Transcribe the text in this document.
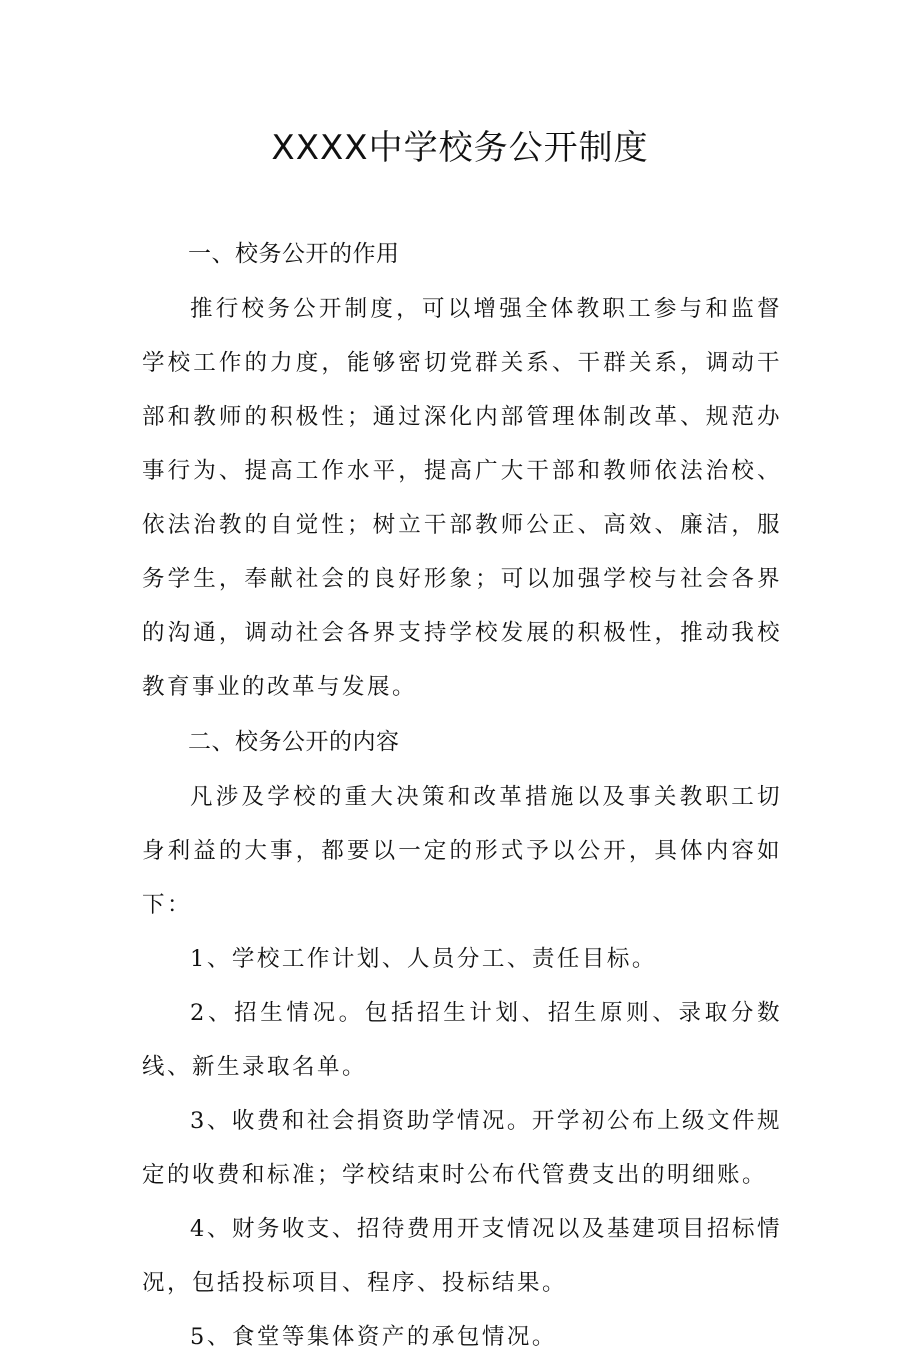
XXXX中学校务公开制度

一、校务公开的作用

推行校务公开制度，可以增强全体教职工参与和监督学校工作的力度，能够密切党群关系、干群关系，调动干部和教师的积极性；通过深化内部管理体制改革、规范办事行为、提高工作水平，提高广大干部和教师依法治校、依法治教的自觉性；树立干部教师公正、高效、廉洁，服务学生，奉献社会的良好形象；可以加强学校与社会各界的沟通，调动社会各界支持学校发展的积极性，推动我校教育事业的改革与发展。

二、校务公开的内容

凡涉及学校的重大决策和改革措施以及事关教职工切身利益的大事，都要以一定的形式予以公开，具体内容如下：

1、学校工作计划、人员分工、责任目标。

2、招生情况。包括招生计划、招生原则、录取分数线、新生录取名单。

3、收费和社会捐资助学情况。开学初公布上级文件规定的收费和标准；学校结束时公布代管费支出的明细账。

4、财务收支、招待费用开支情况以及基建项目招标情况，包括投标项目、程序、投标结果。

5、食堂等集体资产的承包情况。
